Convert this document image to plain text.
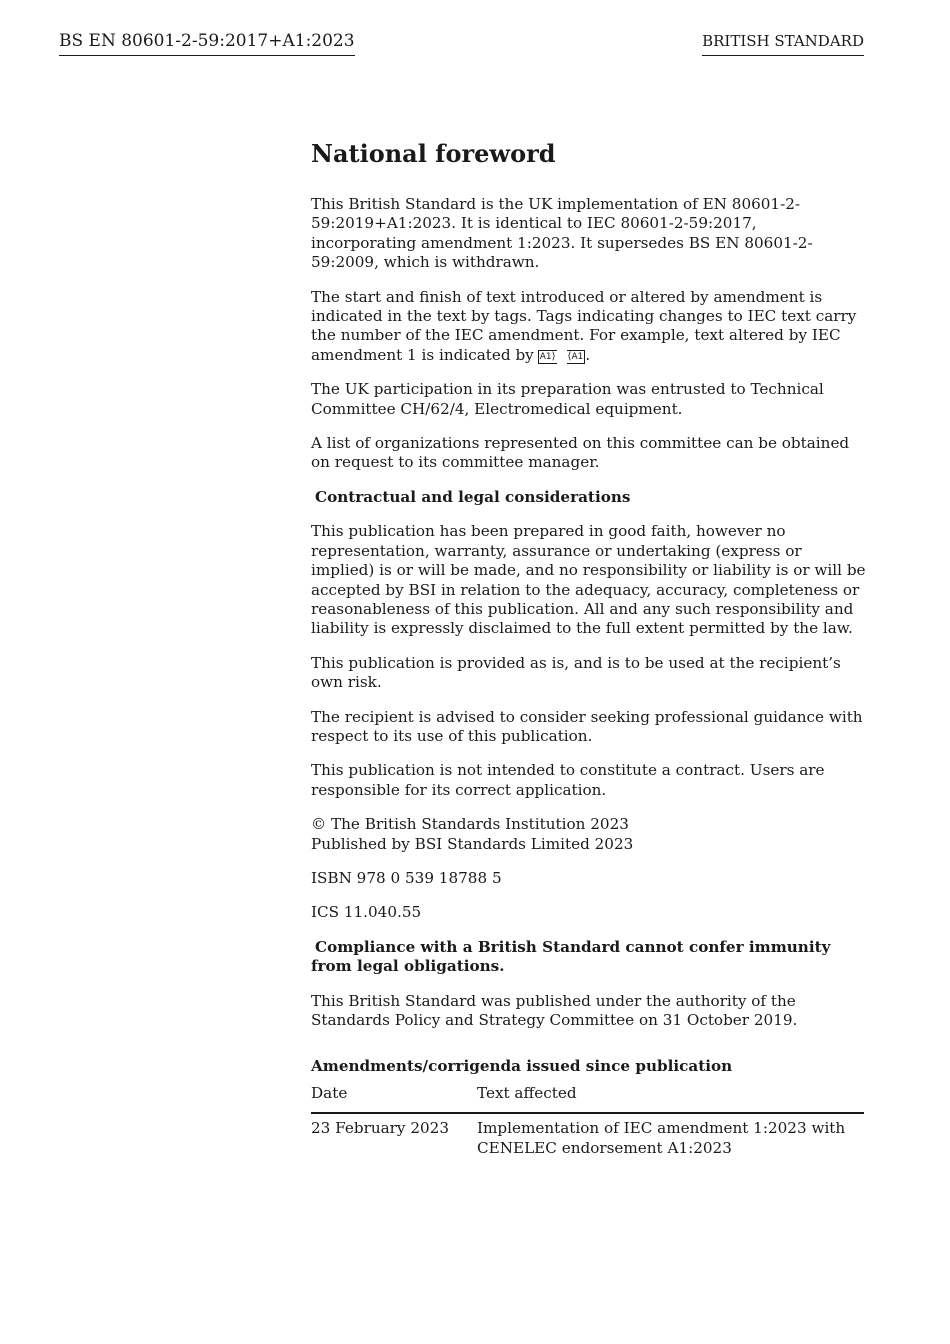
BS EN 80601-2-59:2017+A1:2023	BRITISH STANDARD
National foreword

This British Standard is the UK implementation of EN 80601-2-59:2019+A1:2023. It is identical to IEC 80601-2-59:2017, incorporating amendment 1:2023. It supersedes BS EN 80601-2-59:2009, which is withdrawn.

The start and finish of text introduced or altered by amendment is indicated in the text by tags. Tags indicating changes to IEC text carry the number of the IEC amendment. For example, text altered by IEC amendment 1 is indicated by A1⟩ ⟨A1 .

The UK participation in its preparation was entrusted to Technical Committee CH/62/4, Electromedical equipment.

A list of organizations represented on this committee can be obtained on request to its committee manager.

Contractual and legal considerations

This publication has been prepared in good faith, however no representation, warranty, assurance or undertaking (express or implied) is or will be made, and no responsibility or liability is or will be accepted by BSI in relation to the adequacy, accuracy, completeness or reasonableness of this publication. All and any such responsibility and liability is expressly disclaimed to the full extent permitted by the law.

This publication is provided as is, and is to be used at the recipient’s own risk.

The recipient is advised to consider seeking professional guidance with respect to its use of this publication.

This publication is not intended to constitute a contract. Users are responsible for its correct application.

© The British Standards Institution 2023
Published by BSI Standards Limited 2023

ISBN 978 0 539 18788 5

ICS 11.040.55

Compliance with a British Standard cannot confer immunity from legal obligations.

This British Standard was published under the authority of the Standards Policy and Strategy Committee on 31 October 2019.

Amendments/corrigenda issued since publication
Date	Text affected
23 February 2023	Implementation of IEC amendment 1:2023 with CENELEC endorsement A1:2023
